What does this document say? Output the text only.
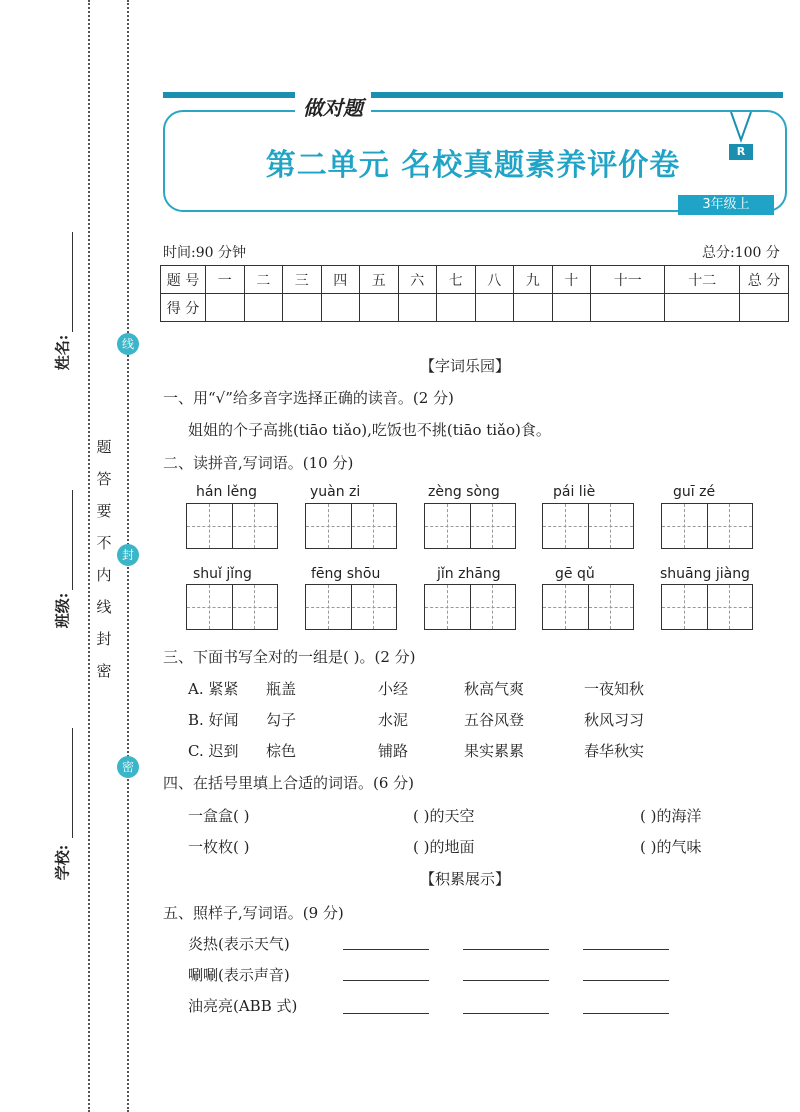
姓名:
班级:
学校:
密
封
线
内
不
要
答
题
线
封
密
做对题
第二单元 名校真题素养评价卷	R
3年级上
时间:90 分钟	总分:100 分
题 号	一	二	三	四	五	六	七	八	九	十	十一	十二	总 分
得 分													
【字词乐园】
一、用“√”给多音字选择正确的读音。(2 分)
姐姐的个子高挑(tiāo tiǎo),吃饭也不挑(tiāo tiǎo)食。
二、读拼音,写词语。(10 分)
hán lěng	yuàn zi	zèng sòng	pái liè	guī zé
shuǐ jǐng	fēng shōu	jǐn zhāng	gē qǔ	shuāng jiàng
三、下面书写全对的一组是( )。(2 分)
A. 紧紧 瓶盖	小经	秋高气爽	一夜知秋
B. 好闻 勾子	水泥	五谷风登	秋风习习
C. 迟到 棕色	铺路	果实累累	春华秋实
四、在括号里填上合适的词语。(6 分)
一盒盒( )	( )的天空	( )的海洋
一枚枚( )	( )的地面	( )的气味
【积累展示】
五、照样子,写词语。(9 分)
炎热(表示天气)
唰唰(表示声音)
油亮亮(ABB 式)
